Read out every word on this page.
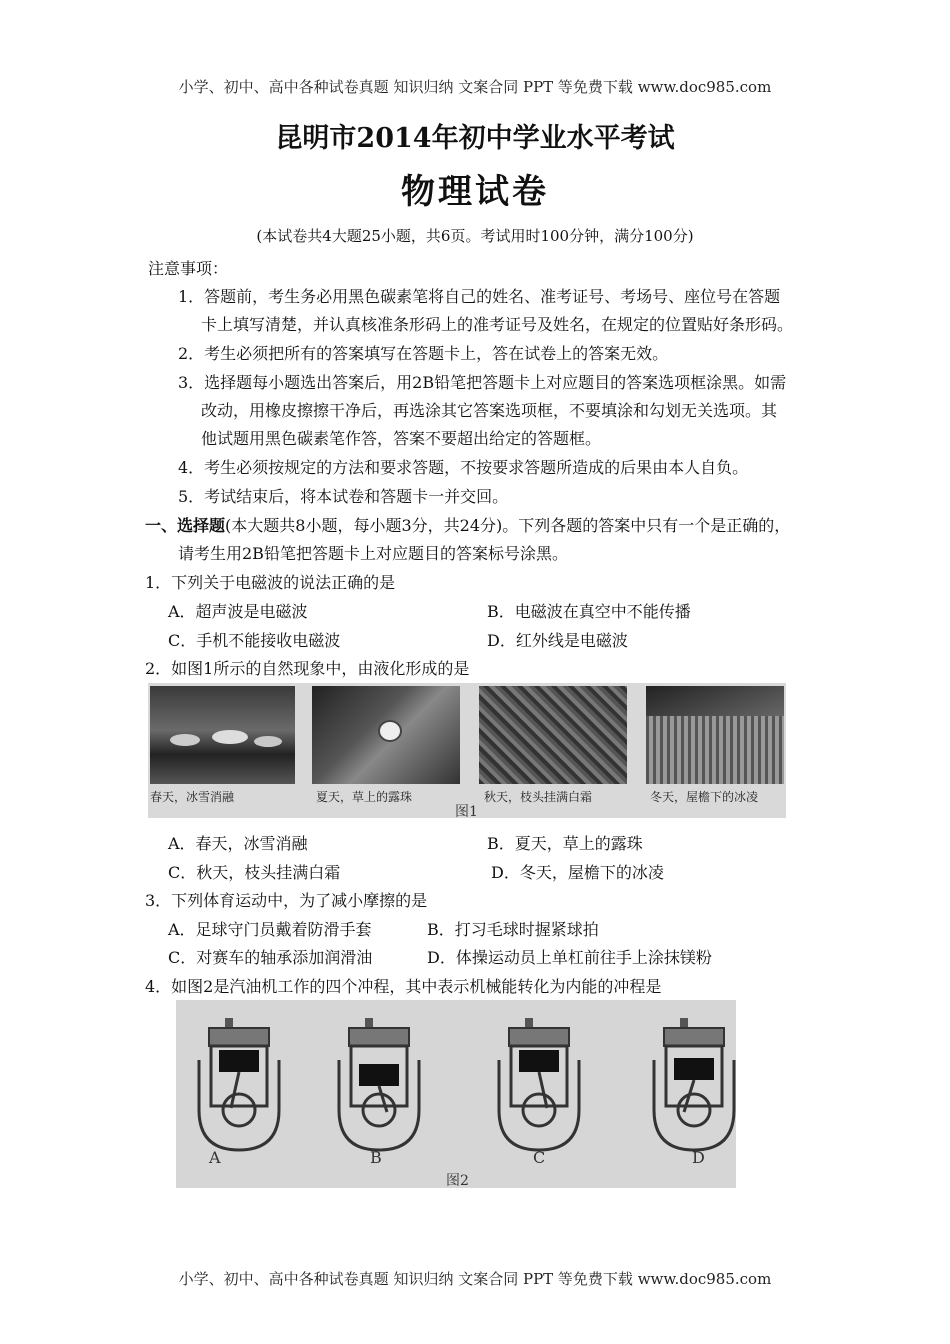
小学、初中、高中各种试卷真题 知识归纳 文案合同 PPT 等免费下载 www.doc985.com
昆明市2014年初中学业水平考试
物理试卷
(本试卷共4大题25小题，共6页。考试用时100分钟，满分100分)
注意事项：
1．答题前，考生务必用黑色碳素笔将自己的姓名、准考证号、考场号、座位号在答题
卡上填写清楚，并认真核准条形码上的准考证号及姓名，在规定的位置贴好条形码。
2．考生必须把所有的答案填写在答题卡上，答在试卷上的答案无效。
3．选择题每小题选出答案后，用2B铅笔把答题卡上对应题目的答案选项框涂黑。如需
改动，用橡皮擦擦干净后，再选涂其它答案选项框，不要填涂和勾划无关选项。其
他试题用黑色碳素笔作答，答案不要超出给定的答题框。
4．考生必须按规定的方法和要求答题，不按要求答题所造成的后果由本人自负。
5．考试结束后，将本试卷和答题卡一并交回。
一、选择题(本大题共8小题，每小题3分，共24分)。下列各题的答案中只有一个是正确的，
请考生用2B铅笔把答题卡上对应题目的答案标号涂黑。
1．下列关于电磁波的说法正确的是
A．超声波是电磁波	B．电磁波在真空中不能传播
C．手机不能接收电磁波	D．红外线是电磁波
2．如图1所示的自然现象中，由液化形成的是
春天，冰雪消融	夏天，草上的露珠	秋天，枝头挂满白霜	冬天，屋檐下的冰凌
图1
A．春天，冰雪消融	B．夏天，草上的露珠
C．秋天，枝头挂满白霜	D．冬天，屋檐下的冰凌
3．下列体育运动中，为了减小摩擦的是
A．足球守门员戴着防滑手套	B．打习毛球时握紧球拍
C．对赛车的轴承添加润滑油	D．体操运动员上单杠前往手上涂抹镁粉
4．如图2是汽油机工作的四个冲程，其中表示机械能转化为内能的冲程是
A	B	C	D
图2
小学、初中、高中各种试卷真题 知识归纳 文案合同 PPT 等免费下载 www.doc985.com
